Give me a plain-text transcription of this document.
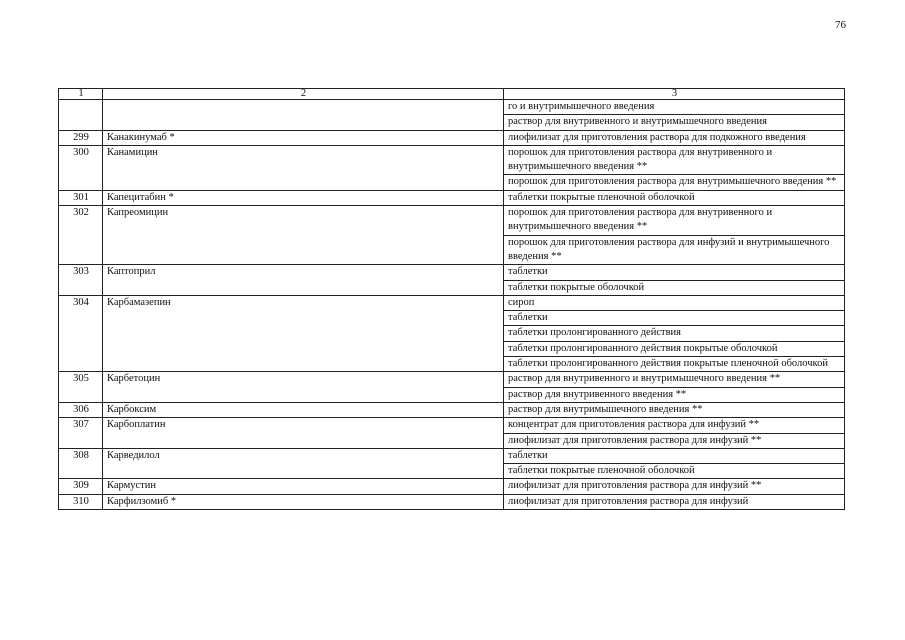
76
1	2	3
		го и внутримышечного введения
		раствор для внутривенного и внутримышечного введения
299	Канакинумаб *	лиофилизат для приготовления раствора для подкожного введения
300	Канамицин	порошок для приготовления раствора для внутривенного и внутримышечного введения **
		порошок для приготовления раствора для внутримышечного введения **
301	Капецитабин *	таблетки покрытые пленочной оболочкой
302	Капреомицин	порошок для приготовления раствора для внутривенного и внутримышечного введения **
		порошок для приготовления раствора для инфузий и внутримышечного введения **
303	Каптоприл	таблетки
		таблетки покрытые оболочкой
304	Карбамазепин	сироп
		таблетки
		таблетки пролонгированного действия
		таблетки пролонгированного действия покрытые оболочкой
		таблетки пролонгированного действия покрытые пленочной оболочкой
305	Карбетоцин	раствор для внутривенного и внутримышечного введения **
		раствор для внутривенного введения **
306	Карбоксим	раствор для внутримышечного введения **
307	Карбоплатин	концентрат для приготовления раствора для инфузий **
		лиофилизат для приготовления раствора для инфузий **
308	Карведилол	таблетки
		таблетки покрытые пленочной оболочкой
309	Кармустин	лиофилизат для приготовления раствора для инфузий **
310	Карфилзомиб *	лиофилизат для приготовления раствора для инфузий
